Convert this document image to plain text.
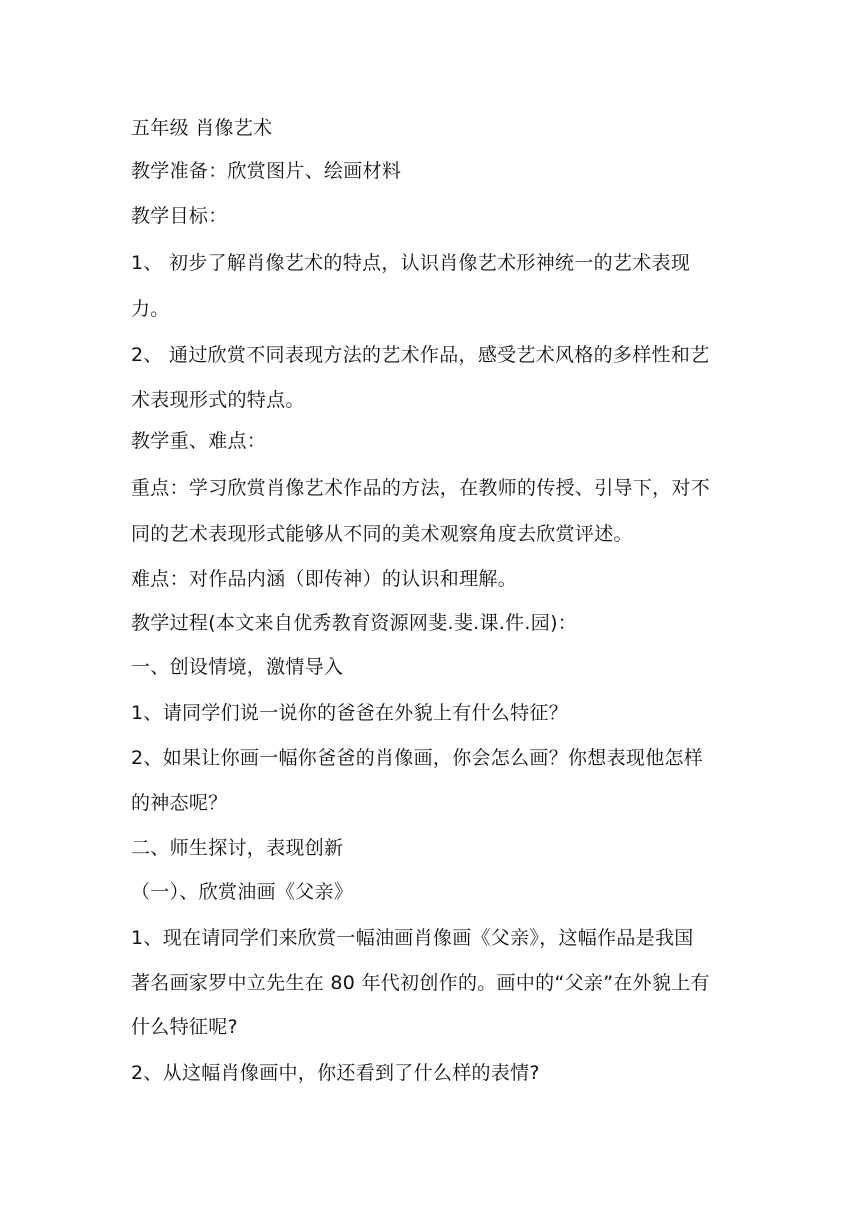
五年级 肖像艺术
教学准备：欣赏图片、绘画材料
教学目标：
1、 初步了解肖像艺术的特点，认识肖像艺术形神统一的艺术表现
力。
2、 通过欣赏不同表现方法的艺术作品，感受艺术风格的多样性和艺
术表现形式的特点。
教学重、难点：
重点：学习欣赏肖像艺术作品的方法，在教师的传授、引导下，对不
同的艺术表现形式能够从不同的美术观察角度去欣赏评述。
难点：对作品内涵（即传神）的认识和理解。
教学过程(本文来自优秀教育资源网斐.斐.课.件.园)：
一、创设情境，激情导入
1、请同学们说一说你的爸爸在外貌上有什么特征？
2、如果让你画一幅你爸爸的肖像画，你会怎么画？你想表现他怎样
的神态呢？
二、师生探讨，表现创新
（一）、欣赏油画《父亲》
1、现在请同学们来欣赏一幅油画肖像画《父亲》，这幅作品是我国
著名画家罗中立先生在 80 年代初创作的。画中的“父亲”在外貌上有
什么特征呢?
2、从这幅肖像画中，你还看到了什么样的表情?
